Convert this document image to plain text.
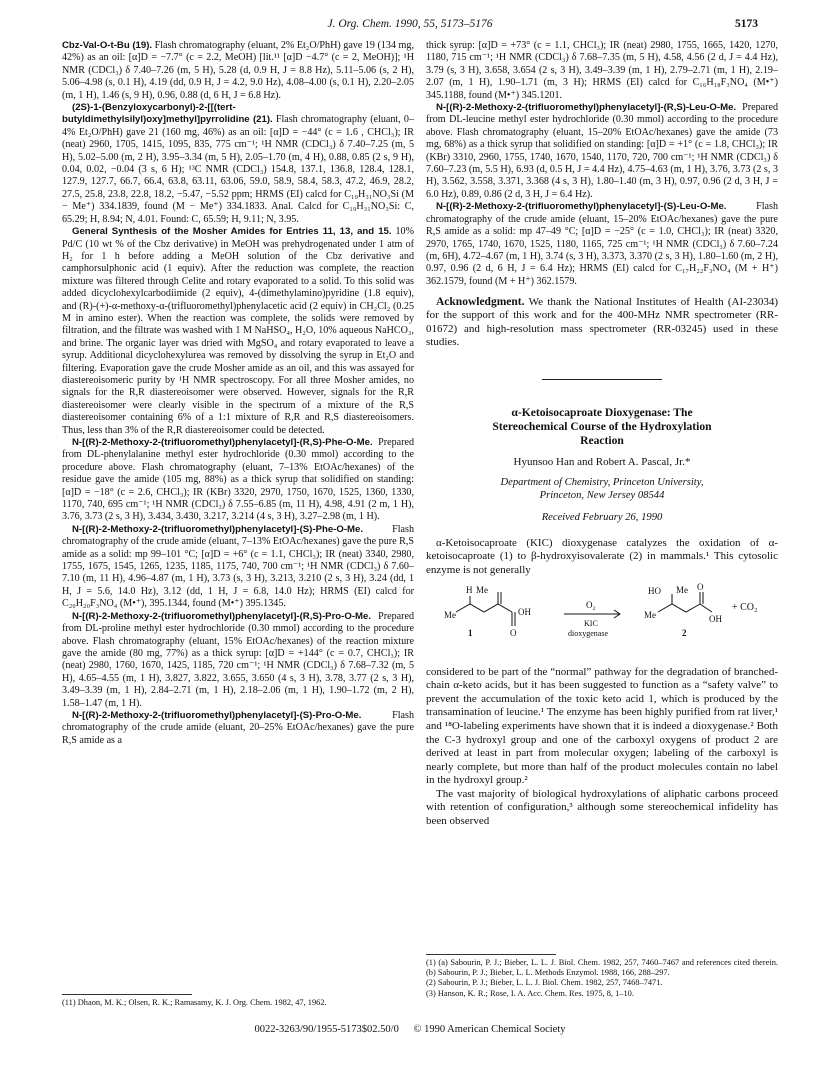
J. Org. Chem. 1990, 55, 5173–5176	5173

Cbz-Val-O-t-Bu (19). Flash chromatography (eluant, 2% Et₂O/PhH) gave 19 (134 mg, 42%) as an oil: [α]D = −7.7° (c = 2.2, MeOH) [lit.¹¹ [α]D −4.7° (c = 2, MeOH)]; ¹H NMR (CDCl₃) δ 7.40–7.26 (m, 5 H), 5.28 (d, 0.9 H, J = 8.8 Hz), 5.11–5.06 (s, 2 H), 5.06–4.98 (s, 0.1 H), 4.19 (dd, 0.9 H, J = 4.2, 9.0 Hz), 4.08–4.00 (s, 0.1 H), 2.20–2.05 (m, 1 H), 1.46 (s, 9 H), 0.96, 0.88 (d, 6 H, J = 6.8 Hz).

(2S)-1-(Benzyloxycarbonyl)-2-[[(tert-butyldimethylsilyl)oxy]methyl]pyrrolidine (21). Flash chromatography (eluant, 0–4% Et₂O/PhH) gave 21 (160 mg, 46%) as an oil: [α]D = −44° (c = 1.6 , CHCl₃); IR (neat) 2960, 1705, 1415, 1095, 835, 775 cm⁻¹; ¹H NMR (CDCl₃) δ 7.40–7.25 (m, 5 H), 5.02–5.00 (m, 2 H), 3.95–3.34 (m, 5 H), 2.05–1.70 (m, 4 H), 0.88, 0.85 (2 s, 9 H), 0.04, 0.02, −0.04 (3 s, 6 H); ¹³C NMR (CDCl₃) 154.8, 137.1, 136.8, 128.4, 128.1, 127.9, 127.7, 66.7, 66.4, 63.8, 63.11, 63.06, 59.0, 58.9, 58.4, 58.3, 47.2, 46.9, 28.2, 27.5, 25.8, 23.8, 22.8, 18.2, −5.47, −5.52 ppm; HRMS (EI) calcd for C₁₉H₃₁NO₃Si (M − Me⁺) 334.1839, found (M − Me⁺) 334.1833. Anal. Calcd for C₁₉H₃₁NO₃Si: C, 65.29; H, 8.94; N, 4.01. Found: C, 65.59; H, 9.11; N, 3.95.

General Synthesis of the Mosher Amides for Entries 11, 13, and 15. 10% Pd/C (10 wt % of the Cbz derivative) in MeOH was prehydrogenated under 1 atm of H₂ for 1 h before adding a MeOH solution of the Cbz derivative and camphorsulphonic acid (1 equiv). After the reduction was complete, the reaction mixture was filtered through Celite and rotary evaporated to a solid. To this solid was added dicyclohexylcarbodiimide (2 equiv), 4-(dimethylamino)pyridine (1.8 equiv), and (R)-(+)-α-methoxy-α-(trifluoromethyl)phenylacetic acid (2 equiv) in CH₂Cl₂ (0.25 M in amino ester). When the reaction was complete, the solids were removed by filtration, and the filtrate was washed with 1 M NaHSO₄, H₂O, 10% aqueous NaHCO₃, and brine. The organic layer was dried with MgSO₄ and rotary evaporated to leave a syrup. Additional dicyclohexylurea was removed by dissolving the syrup in Et₂O and filtering. Evaporation gave the crude Mosher amide as an oil, and this was assayed for diastereoisomeric purity by ¹H NMR spectroscopy. For all three Mosher amides, no signals for the R,R diastereoisomer were observed. However, signals for the R,R diastereoisomer were clearly visible in the spectrum of a mixture of the R,S diastereoisomer containing 6% of a 1:1 mixture of R,R and R,S diastereoisomers. Thus, less than 3% of the R,R diastereoisomer could be detected.

N-[(R)-2-Methoxy-2-(trifluoromethyl)phenylacetyl]-(R,S)-Phe-O-Me. Prepared from DL-phenylalanine methyl ester hydrochloride (0.30 mmol) according to the procedure above. Flash chromatography (eluant, 7–13% EtOAc/hexanes) of the residue gave the amide (105 mg, 88%) as a thick syrup that solidified on standing: [α]D = −18° (c = 2.6, CHCl₃); IR (KBr) 3320, 2970, 1750, 1670, 1525, 1360, 1330, 1170, 740, 695 cm⁻¹; ¹H NMR (CDCl₃) δ 7.55–6.85 (m, 11 H), 4.98, 4.91 (2 m, 1 H), 3.76, 3.73 (2 s, 3 H), 3.434, 3.430, 3.217, 3.214 (4 s, 3 H), 3.27–2.98 (m, 1 H).

N-[(R)-2-Methoxy-2-(trifluoromethyl)phenylacetyl]-(S)-Phe-O-Me.	Flash chromatography of the crude amide (eluant, 7–13% EtOAc/hexanes) gave the pure R,S amide as a solid: mp 99–101 °C; [α]D = +6° (c = 1.1, CHCl₃); IR (neat) 3340, 2980, 1755, 1675, 1545, 1265, 1235, 1185, 1175, 740, 700 cm⁻¹; ¹H NMR (CDCl₃) δ 7.60–7.10 (m, 11 H), 4.96–4.87 (m, 1 H), 3.73 (s, 3 H), 3.213, 3.210 (2 s, 3 H), 3.24 (dd, 1 H, J = 5.6, 14.0 Hz), 3.12 (dd, 1 H, J = 6.8, 14.0 Hz); HRMS (EI) calcd for C₂₀H₂₀F₃NO₄ (M•⁺), 395.1344, found (M•⁺) 395.1345.

N-[(R)-2-Methoxy-2-(trifluoromethyl)phenylacetyl]-(R,S)-Pro-O-Me. Prepared from DL-proline methyl ester hydrochloride (0.30 mmol) according to the procedure above. Flash chromatography (eluant, 15% EtOAc/hexanes) of the reaction mixture gave the amide (80 mg, 77%) as a thick syrup: [α]D = +144° (c = 0.7, CHCl₃); IR (neat) 2980, 1760, 1670, 1425, 1185, 720 cm⁻¹; ¹H NMR (CDCl₃) δ 7.68–7.32 (m, 5 H), 4.65–4.55 (m, 1 H), 3.827, 3.822, 3.655, 3.650 (4 s, 3 H), 3.78, 3.77 (2 s, 3 H), 3.49–3.39 (m, 1 H), 2.84–2.71 (m, 1 H), 2.18–2.06 (m, 1 H), 1.90–1.72 (m, 2 H), 1.58–1.47 (m, 1 H).

N-[(R)-2-Methoxy-2-(trifluoromethyl)phenylacetyl]-(S)-Pro-O-Me.	Flash chromatography of the crude amide (eluant, 20–25% EtOAc/hexanes) gave the pure R,S amide as a

(11) Dhaon, M. K.; Olsen, R. K.; Ramasamy, K. J. Org. Chem. 1982, 47, 1962.

thick syrup: [α]D = +73° (c = 1.1, CHCl₃); IR (neat) 2980, 1755, 1665, 1420, 1270, 1180, 715 cm⁻¹; ¹H NMR (CDCl₃) δ 7.68–7.35 (m, 5 H), 4.58, 4.56 (2 d, J = 4.4 Hz), 3.79 (s, 3 H), 3.658, 3.654 (2 s, 3 H), 3.49–3.39 (m, 1 H), 2.79–2.71 (m, 1 H), 2.19–2.07 (m, 1 H), 1.90–1.71 (m, 3 H); HRMS (EI) calcd for C₁₆H₁₈F₃NO₄ (M•⁺) 345.1188, found (M•⁺) 345.1201.

N-[(R)-2-Methoxy-2-(trifluoromethyl)phenylacetyl]-(R,S)-Leu-O-Me. Prepared from DL-leucine methyl ester hydrochloride (0.30 mmol) according to the procedure above. Flash chromatography (eluant, 15–20% EtOAc/hexanes) gave the amide (73 mg, 68%) as a thick syrup that solidified on standing: [α]D = +1° (c = 1.8, CHCl₃); IR (KBr) 3310, 2960, 1755, 1740, 1670, 1540, 1170, 720, 700 cm⁻¹; ¹H NMR (CDCl₃) δ 7.60–7.23 (m, 5.5 H), 6.93 (d, 0.5 H, J = 4.4 Hz), 4.75–4.63 (m, 1 H), 3.76, 3.73 (2 s, 3 H), 3.562, 3.558, 3.371, 3.368 (4 s, 3 H), 1.80–1.40 (m, 3 H), 0.97, 0.96 (2 d, 3 H, J = 6.0 Hz), 0.89, 0.86 (2 d, 3 H, J = 6.4 Hz).

N-[(R)-2-Methoxy-2-(trifluoromethyl)phenylacetyl]-(S)-Leu-O-Me.	Flash chromatography of the crude amide (eluant, 15–20% EtOAc/hexanes) gave the pure R,S amide as a solid: mp 47–49 °C; [α]D = −25° (c = 1.0, CHCl₃); IR (neat) 3320, 2970, 1765, 1740, 1670, 1525, 1180, 1165, 725 cm⁻¹; ¹H NMR (CDCl₃) δ 7.60–7.24 (m, 6H), 4.72–4.67 (m, 1 H), 3.74 (s, 3 H), 3.373, 3.370 (2 s, 3 H), 1.80–1.60 (m, 2 H), 0.97, 0.96 (2 d, 6 H, J = 6.4 Hz); HRMS (EI) calcd for C₁₇H₂₂F₃NO₄ (M + H⁺) 362.1579, found (M + H⁺) 362.1579.

Acknowledgment. We thank the National Institutes of Health (AI-23034) for the support of this work and for the 400-MHz NMR spectrometer (RR-01672) and high-resolution mass spectrometer (RR-03245) used in these studies.

α-Ketoisocaproate Dioxygenase: The
Stereochemical Course of the Hydroxylation
Reaction
Hyunsoo Han and Robert A. Pascal, Jr.*
Department of Chemistry, Princeton University,
Princeton, New Jersey 08544
Received February 26, 1990

α-Ketoisocaproate (KIC) dioxygenase catalyzes the oxidation of α-ketoisocaproate (1) to β-hydroxyisovalerate (2) in mammals.¹ This cytosolic enzyme is not generally

Me
H Me
OH
O
1
O₂
KIC
dioxygenase
HO Me
Me
O
OH
2
+ CO₂

considered to be part of the “normal” pathway for the degradation of branched-chain α-keto acids, but it has been suggested to function as a “safety valve” to prevent the accumulation of the toxic keto acid 1, which is produced by the transamination of leucine.¹ The enzyme has been highly purified from rat liver,¹ and ¹⁸O-labeling experiments have shown that it is indeed a dioxygenase.² Both the C-3 hydroxyl group and one of the carboxyl oxygens of product 2 are derived at least in part from molecular oxygen; labeling of the carboxyl is nearly complete, but more than half of the product molecules contain no label in the hydroxyl group.²

The vast majority of biological hydroxylations of aliphatic carbons proceed with retention of configuration,³ although some stereochemical infidelity has been observed

(1) (a) Sabourin, P. J.; Bieber, L. L. J. Biol. Chem. 1982, 257, 7460–7467 and references cited therein. (b) Sabourin, P. J.; Bieber, L. L. Methods Enzymol. 1988, 166, 288–297.
(2) Sabourin, P. J.; Bieber, L. L. J. Biol. Chem. 1982, 257, 7468–7471.
(3) Hanson, K. R.; Rose, I. A. Acc. Chem. Res. 1975, 8, 1–10.
0022-3263/90/1955-5173$02.50/0 © 1990 American Chemical Society
